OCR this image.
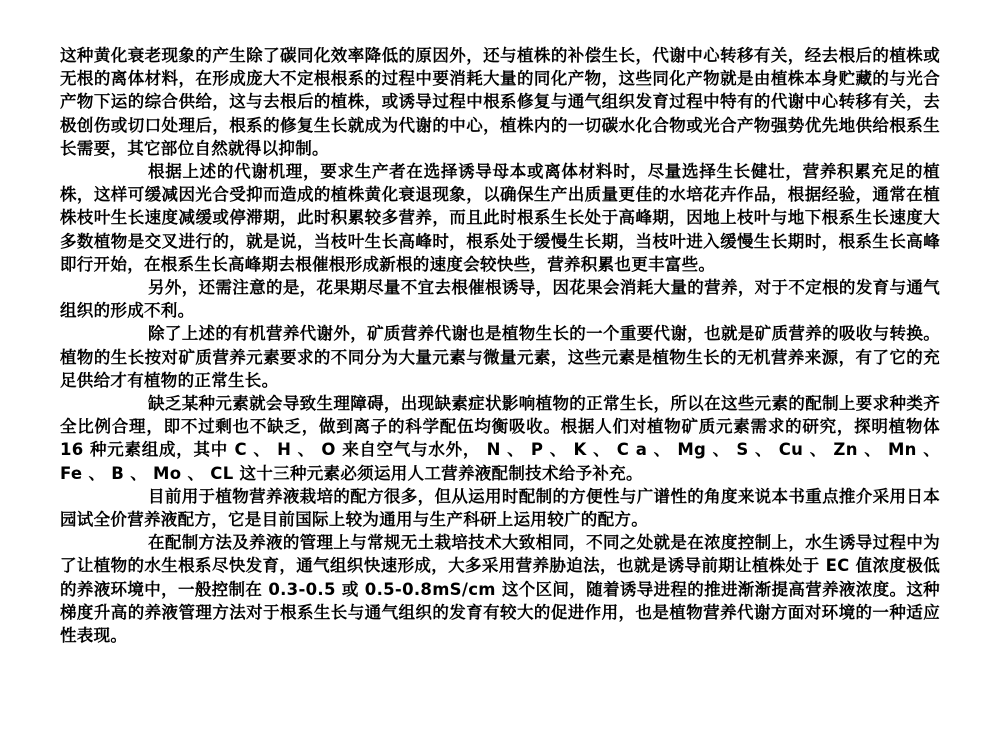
这种黄化衰老现象的产生除了碳同化效率降低的原因外，还与植株的补偿生长，代谢中心转移有关，经去根后的植株或无根的离体材料，在形成庞大不定根根系的过程中要消耗大量的同化产物，这些同化产物就是由植株本身贮藏的与光合产物下运的综合供给，这与去根后的植株，或诱导过程中根系修复与通气组织发育过程中特有的代谢中心转移有关，去极创伤或切口处理后，根系的修复生长就成为代谢的中心，植株内的一切碳水化合物或光合产物强势优先地供给根系生长需要，其它部位自然就得以抑制。

根据上述的代谢机理，要求生产者在选择诱导母本或离体材料时，尽量选择生长健壮，营养积累充足的植株，这样可缓减因光合受抑而造成的植株黄化衰退现象，以确保生产出质量更佳的水培花卉作品，根据经验，通常在植株枝叶生长速度减缓或停滞期，此时积累较多营养，而且此时根系生长处于高峰期，因地上枝叶与地下根系生长速度大多数植物是交叉进行的，就是说，当枝叶生长高峰时，根系处于缓慢生长期，当枝叶进入缓慢生长期时，根系生长高峰即行开始，在根系生长高峰期去根催根形成新根的速度会较快些，营养积累也更丰富些。

另外，还需注意的是，花果期尽量不宜去根催根诱导，因花果会消耗大量的营养，对于不定根的发育与通气组织的形成不利。

除了上述的有机营养代谢外，矿质营养代谢也是植物生长的一个重要代谢，也就是矿质营养的吸收与转换。植物的生长按对矿质营养元素要求的不同分为大量元素与微量元素，这些元素是植物生长的无机营养来源，有了它的充足供给才有植物的正常生长。

缺乏某种元素就会导致生理障碍，出现缺素症状影响植物的正常生长，所以在这些元素的配制上要求种类齐全比例合理，即不过剩也不缺乏，做到离子的科学配伍均衡吸收。根据人们对植物矿质元素需求的研究，探明植物体 16 种元素组成，其中 C 、 H 、 O 来自空气与水外， N 、 P 、 K 、 C a 、 Mg 、 S 、 Cu 、 Zn 、 Mn 、 Fe 、 B 、 Mo 、 CL 这十三种元素必须运用人工营养液配制技术给予补充。

目前用于植物营养液栽培的配方很多，但从运用时配制的方便性与广谱性的角度来说本书重点推介采用日本园试全价营养液配方，它是目前国际上较为通用与生产科研上运用较广的配方。

在配制方法及养液的管理上与常规无土栽培技术大致相同，不同之处就是在浓度控制上，水生诱导过程中为了让植物的水生根系尽快发育，通气组织快速形成，大多采用营养胁迫法，也就是诱导前期让植株处于 EC 值浓度极低的养液环境中，一般控制在 0.3-0.5 或 0.5-0.8mS/cm 这个区间，随着诱导进程的推进渐渐提高营养液浓度。这种梯度升高的养液管理方法对于根系生长与通气组织的发育有较大的促进作用，也是植物营养代谢方面对环境的一种适应性表现。
